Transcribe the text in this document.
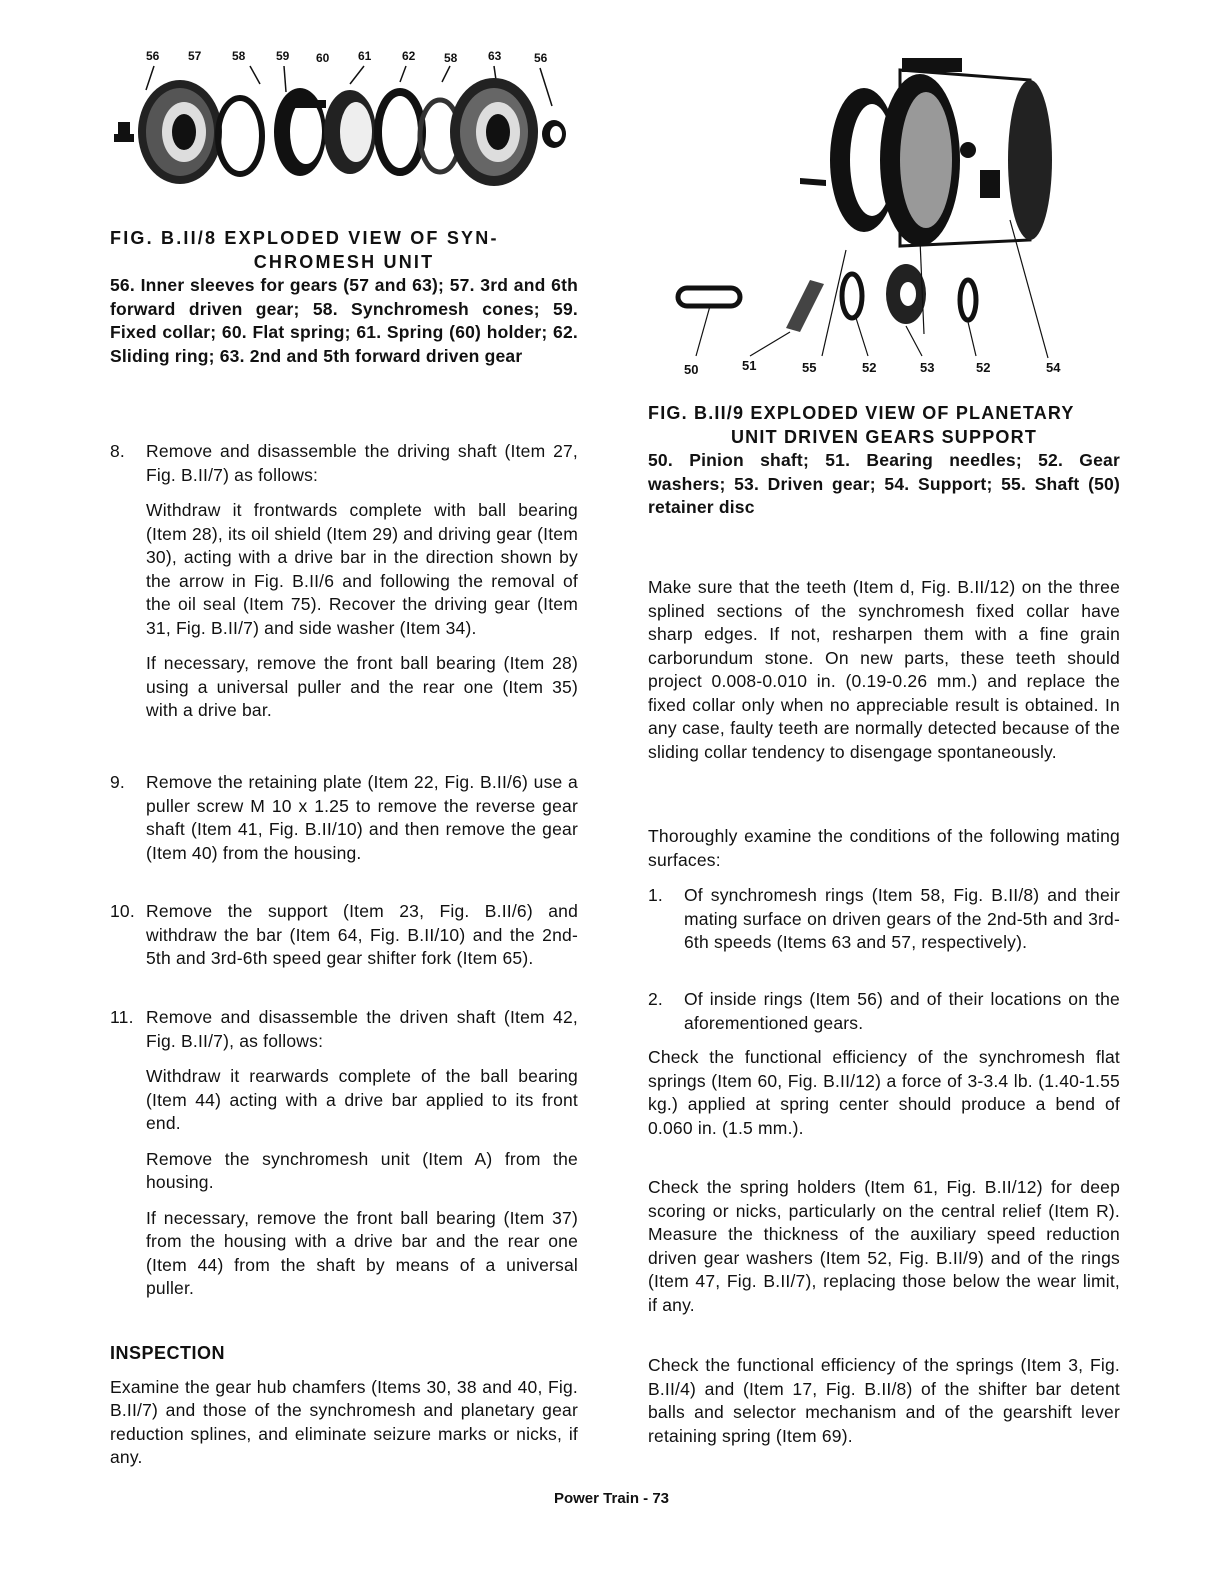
56 57	58	59 60 61	62 58	63	56
50	51	55	52	53	52	54

FIG. B.II/8 EXPLODED VIEW OF SYN-
CHROMESH UNIT

56. Inner sleeves for gears (57 and 63); 57. 3rd and 6th forward driven gear; 58. Synchromesh cones; 59. Fixed collar; 60. Flat spring; 61. Spring (60) holder; 62. Sliding ring; 63. 2nd and 5th forward driven gear

8. Remove and disassemble the driving shaft (Item 27, Fig. B.II/7) as follows:

Withdraw it frontwards complete with ball bearing (Item 28), its oil shield (Item 29) and driving gear (Item 30), acting with a drive bar in the direction shown by the arrow in Fig. B.II/6 and following the removal of the oil seal (Item 75). Recover the driving gear (Item 31, Fig. B.II/7) and side washer (Item 34).

If necessary, remove the front ball bearing (Item 28) using a universal puller and the rear one (Item 35) with a drive bar.

9. Remove the retaining plate (Item 22, Fig. B.II/6) use a puller screw M 10 x 1.25 to remove the reverse gear shaft (Item 41, Fig. B.II/10) and then remove the gear (Item 40) from the housing.

10. Remove the support (Item 23, Fig. B.II/6) and withdraw the bar (Item 64, Fig. B.II/10) and the 2nd-5th and 3rd-6th speed gear shifter fork (Item 65).

11. Remove and disassemble the driven shaft (Item 42, Fig. B.II/7), as follows:

Withdraw it rearwards complete of the ball bearing (Item 44) acting with a drive bar applied to its front end.

Remove the synchromesh unit (Item A) from the housing.

If necessary, remove the front ball bearing (Item 37) from the housing with a drive bar and the rear one (Item 44) from the shaft by means of a universal puller.

INSPECTION

Examine the gear hub chamfers (Items 30, 38 and 40, Fig. B.II/7) and those of the synchromesh and planetary gear reduction splines, and eliminate seizure marks or nicks, if any.

FIG. B.II/9 EXPLODED VIEW OF PLANETARY
UNIT DRIVEN GEARS SUPPORT

50. Pinion shaft; 51. Bearing needles; 52. Gear washers; 53. Driven gear; 54. Support; 55. Shaft (50) retainer disc

Make sure that the teeth (Item d, Fig. B.II/12) on the three splined sections of the synchromesh fixed collar have sharp edges. If not, resharpen them with a fine grain carborundum stone. On new parts, these teeth should project 0.008-0.010 in. (0.19-0.26 mm.) and replace the fixed collar only when no appreciable result is obtained. In any case, faulty teeth are normally detected because of the sliding collar tendency to disengage spontaneously.

Thoroughly examine the conditions of the following mating surfaces:

1. Of synchromesh rings (Item 58, Fig. B.II/8) and their mating surface on driven gears of the 2nd-5th and 3rd-6th speeds (Items 63 and 57, respectively).

2. Of inside rings (Item 56) and of their locations on the aforementioned gears.

Check the functional efficiency of the synchromesh flat springs (Item 60, Fig. B.II/12) a force of 3-3.4 lb. (1.40-1.55 kg.) applied at spring center should produce a bend of 0.060 in. (1.5 mm.).

Check the spring holders (Item 61, Fig. B.II/12) for deep scoring or nicks, particularly on the central relief (Item R). Measure the thickness of the auxiliary speed reduction driven gear washers (Item 52, Fig. B.II/9) and of the rings (Item 47, Fig. B.II/7), replacing those below the wear limit, if any.

Check the functional efficiency of the springs (Item 3, Fig. B.II/4) and (Item 17, Fig. B.II/8) of the shifter bar detent balls and selector mechanism and of the gearshift lever retaining spring (Item 69).

Power Train - 73
